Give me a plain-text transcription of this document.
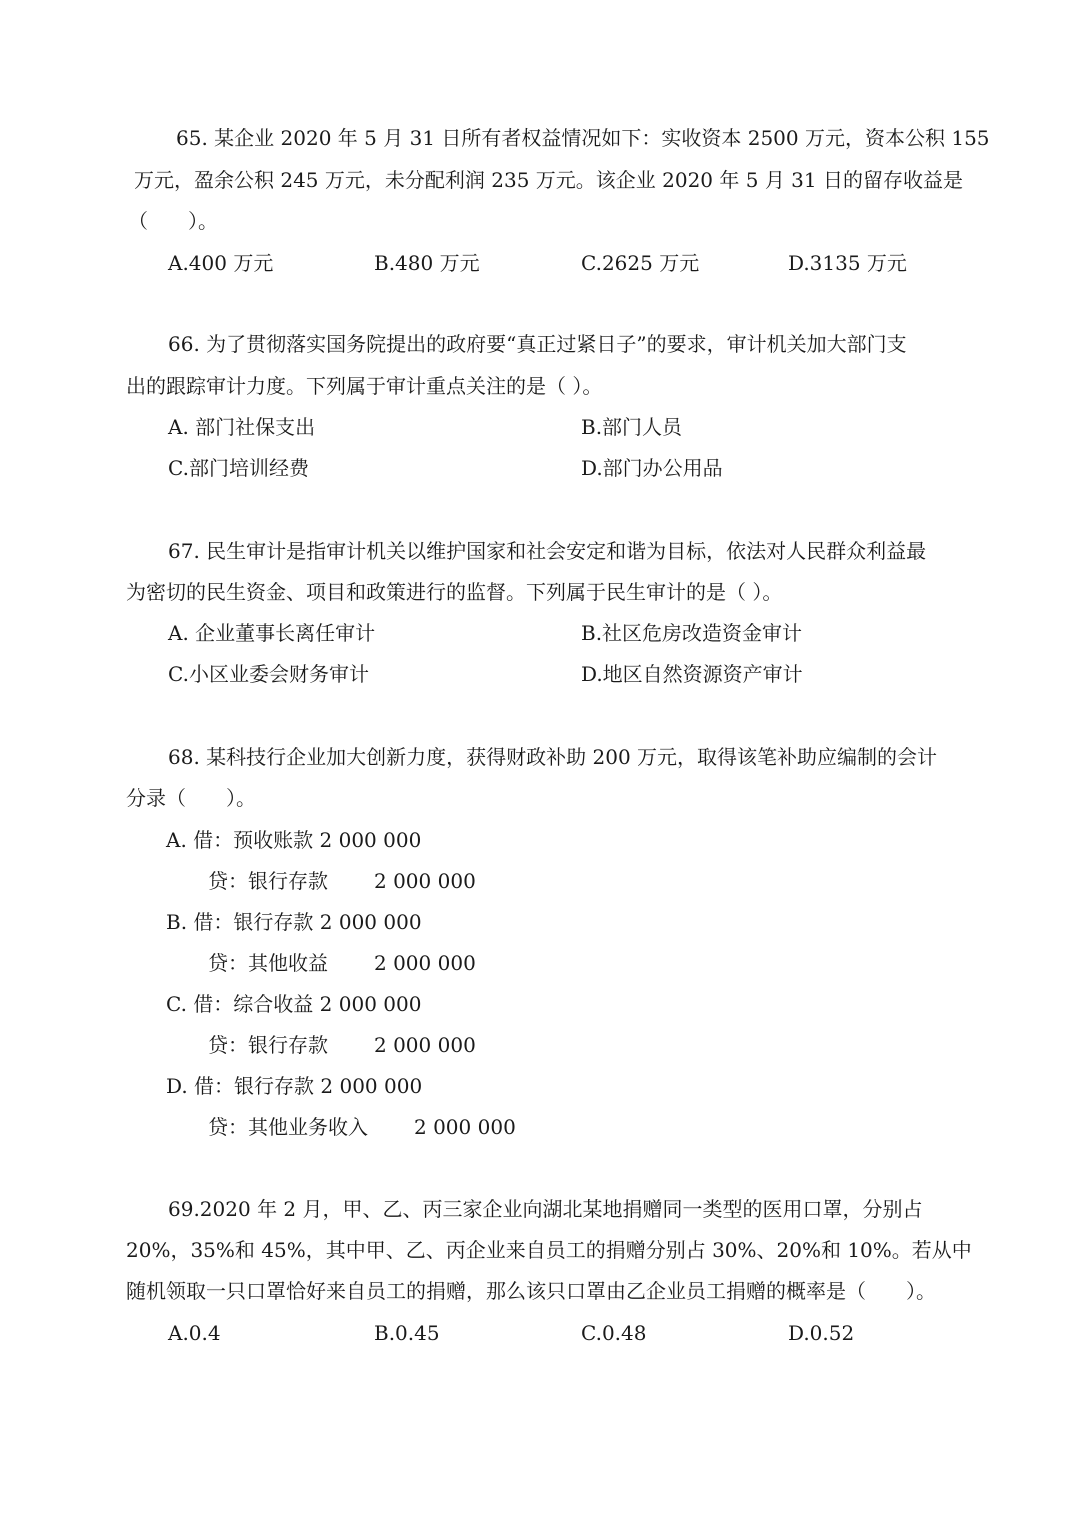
65. 某企业 2020 年 5 月 31 日所有者权益情况如下：实收资本 2500 万元，资本公积 155
万元，盈余公积 245 万元，未分配利润 235 万元。该企业 2020 年 5 月 31 日的留存收益是
（　　）。
A.400 万元	B.480 万元	C.2625 万元	D.3135 万元
66. 为了贯彻落实国务院提出的政府要“真正过紧日子”的要求，审计机关加大部门支
出的跟踪审计力度。下列属于审计重点关注的是（ ）。
A. 部门社保支出	B.部门人员
C.部门培训经费	D.部门办公用品
67. 民生审计是指审计机关以维护国家和社会安定和谐为目标，依法对人民群众利益最
为密切的民生资金、项目和政策进行的监督。下列属于民生审计的是（ ）。
A. 企业董事长离任审计	B.社区危房改造资金审计
C.小区业委会财务审计	D.地区自然资源资产审计
68. 某科技行企业加大创新力度，获得财政补助 200 万元，取得该笔补助应编制的会计
分录（　　）。
A. 借：预收账款 2 000 000
贷：银行存款 2 000 000
B. 借：银行存款 2 000 000
贷：其他收益 2 000 000
C. 借：综合收益 2 000 000
贷：银行存款 2 000 000
D. 借：银行存款 2 000 000
贷：其他业务收入 2 000 000
69.2020 年 2 月，甲、乙、丙三家企业向湖北某地捐赠同一类型的医用口罩，分别占
20%，35%和 45%，其中甲、乙、丙企业来自员工的捐赠分别占 30%、20%和 10%。若从中
随机领取一只口罩恰好来自员工的捐赠，那么该只口罩由乙企业员工捐赠的概率是（　　）。
A.0.4	B.0.45	C.0.48	D.0.52
